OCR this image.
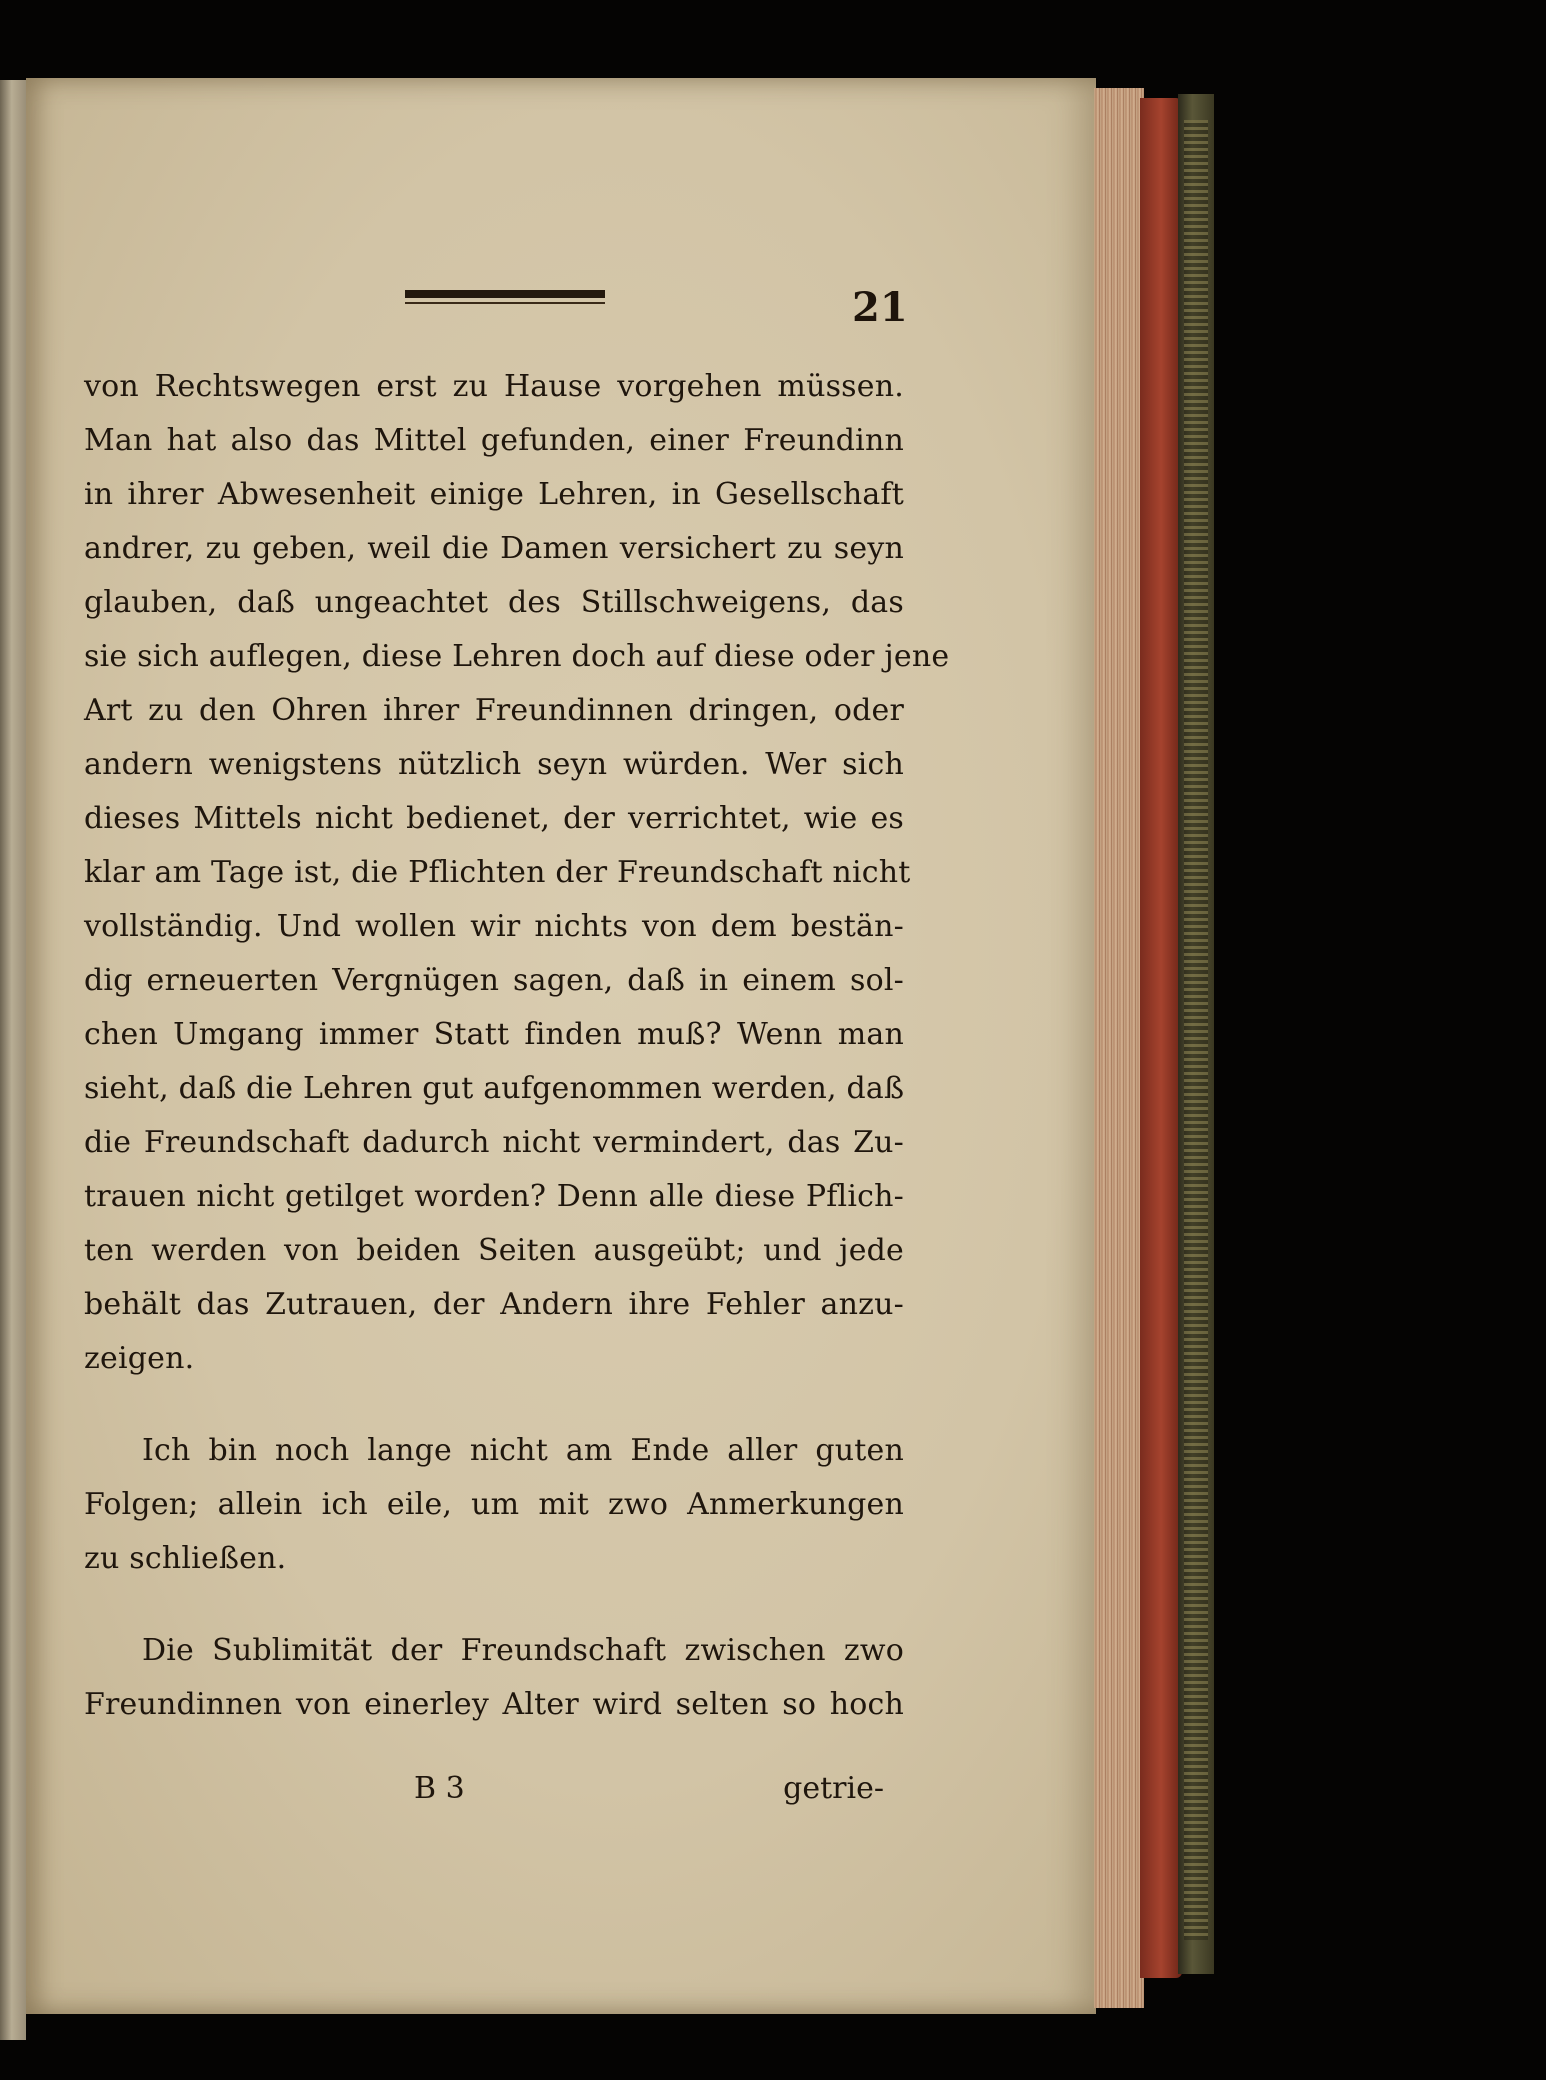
21
von Rechtswegen erst zu Hause vorgehen müssen.
Man hat also das Mittel gefunden, einer Freundinn
in ihrer Abwesenheit einige Lehren, in Gesellschaft
andrer, zu geben, weil die Damen versichert zu seyn
glauben, daß ungeachtet des Stillschweigens, das
sie sich auflegen, diese Lehren doch auf diese oder jene
Art zu den Ohren ihrer Freundinnen dringen, oder
andern wenigstens nützlich seyn würden. Wer sich
dieses Mittels nicht bedienet, der verrichtet, wie es
klar am Tage ist, die Pflichten der Freundschaft nicht
vollständig. Und wollen wir nichts von dem bestän-
dig erneuerten Vergnügen sagen, daß in einem sol-
chen Umgang immer Statt finden muß? Wenn man
sieht, daß die Lehren gut aufgenommen werden, daß
die Freundschaft dadurch nicht vermindert, das Zu-
trauen nicht getilget worden? Denn alle diese Pflich-
ten werden von beiden Seiten ausgeübt; und jede
behält das Zutrauen, der Andern ihre Fehler anzu-
zeigen.
Ich bin noch lange nicht am Ende aller guten
Folgen; allein ich eile, um mit zwo Anmerkungen
zu schließen.
Die Sublimität der Freundschaft zwischen zwo
Freundinnen von einerley Alter wird selten so hoch
B 3	getrie-
